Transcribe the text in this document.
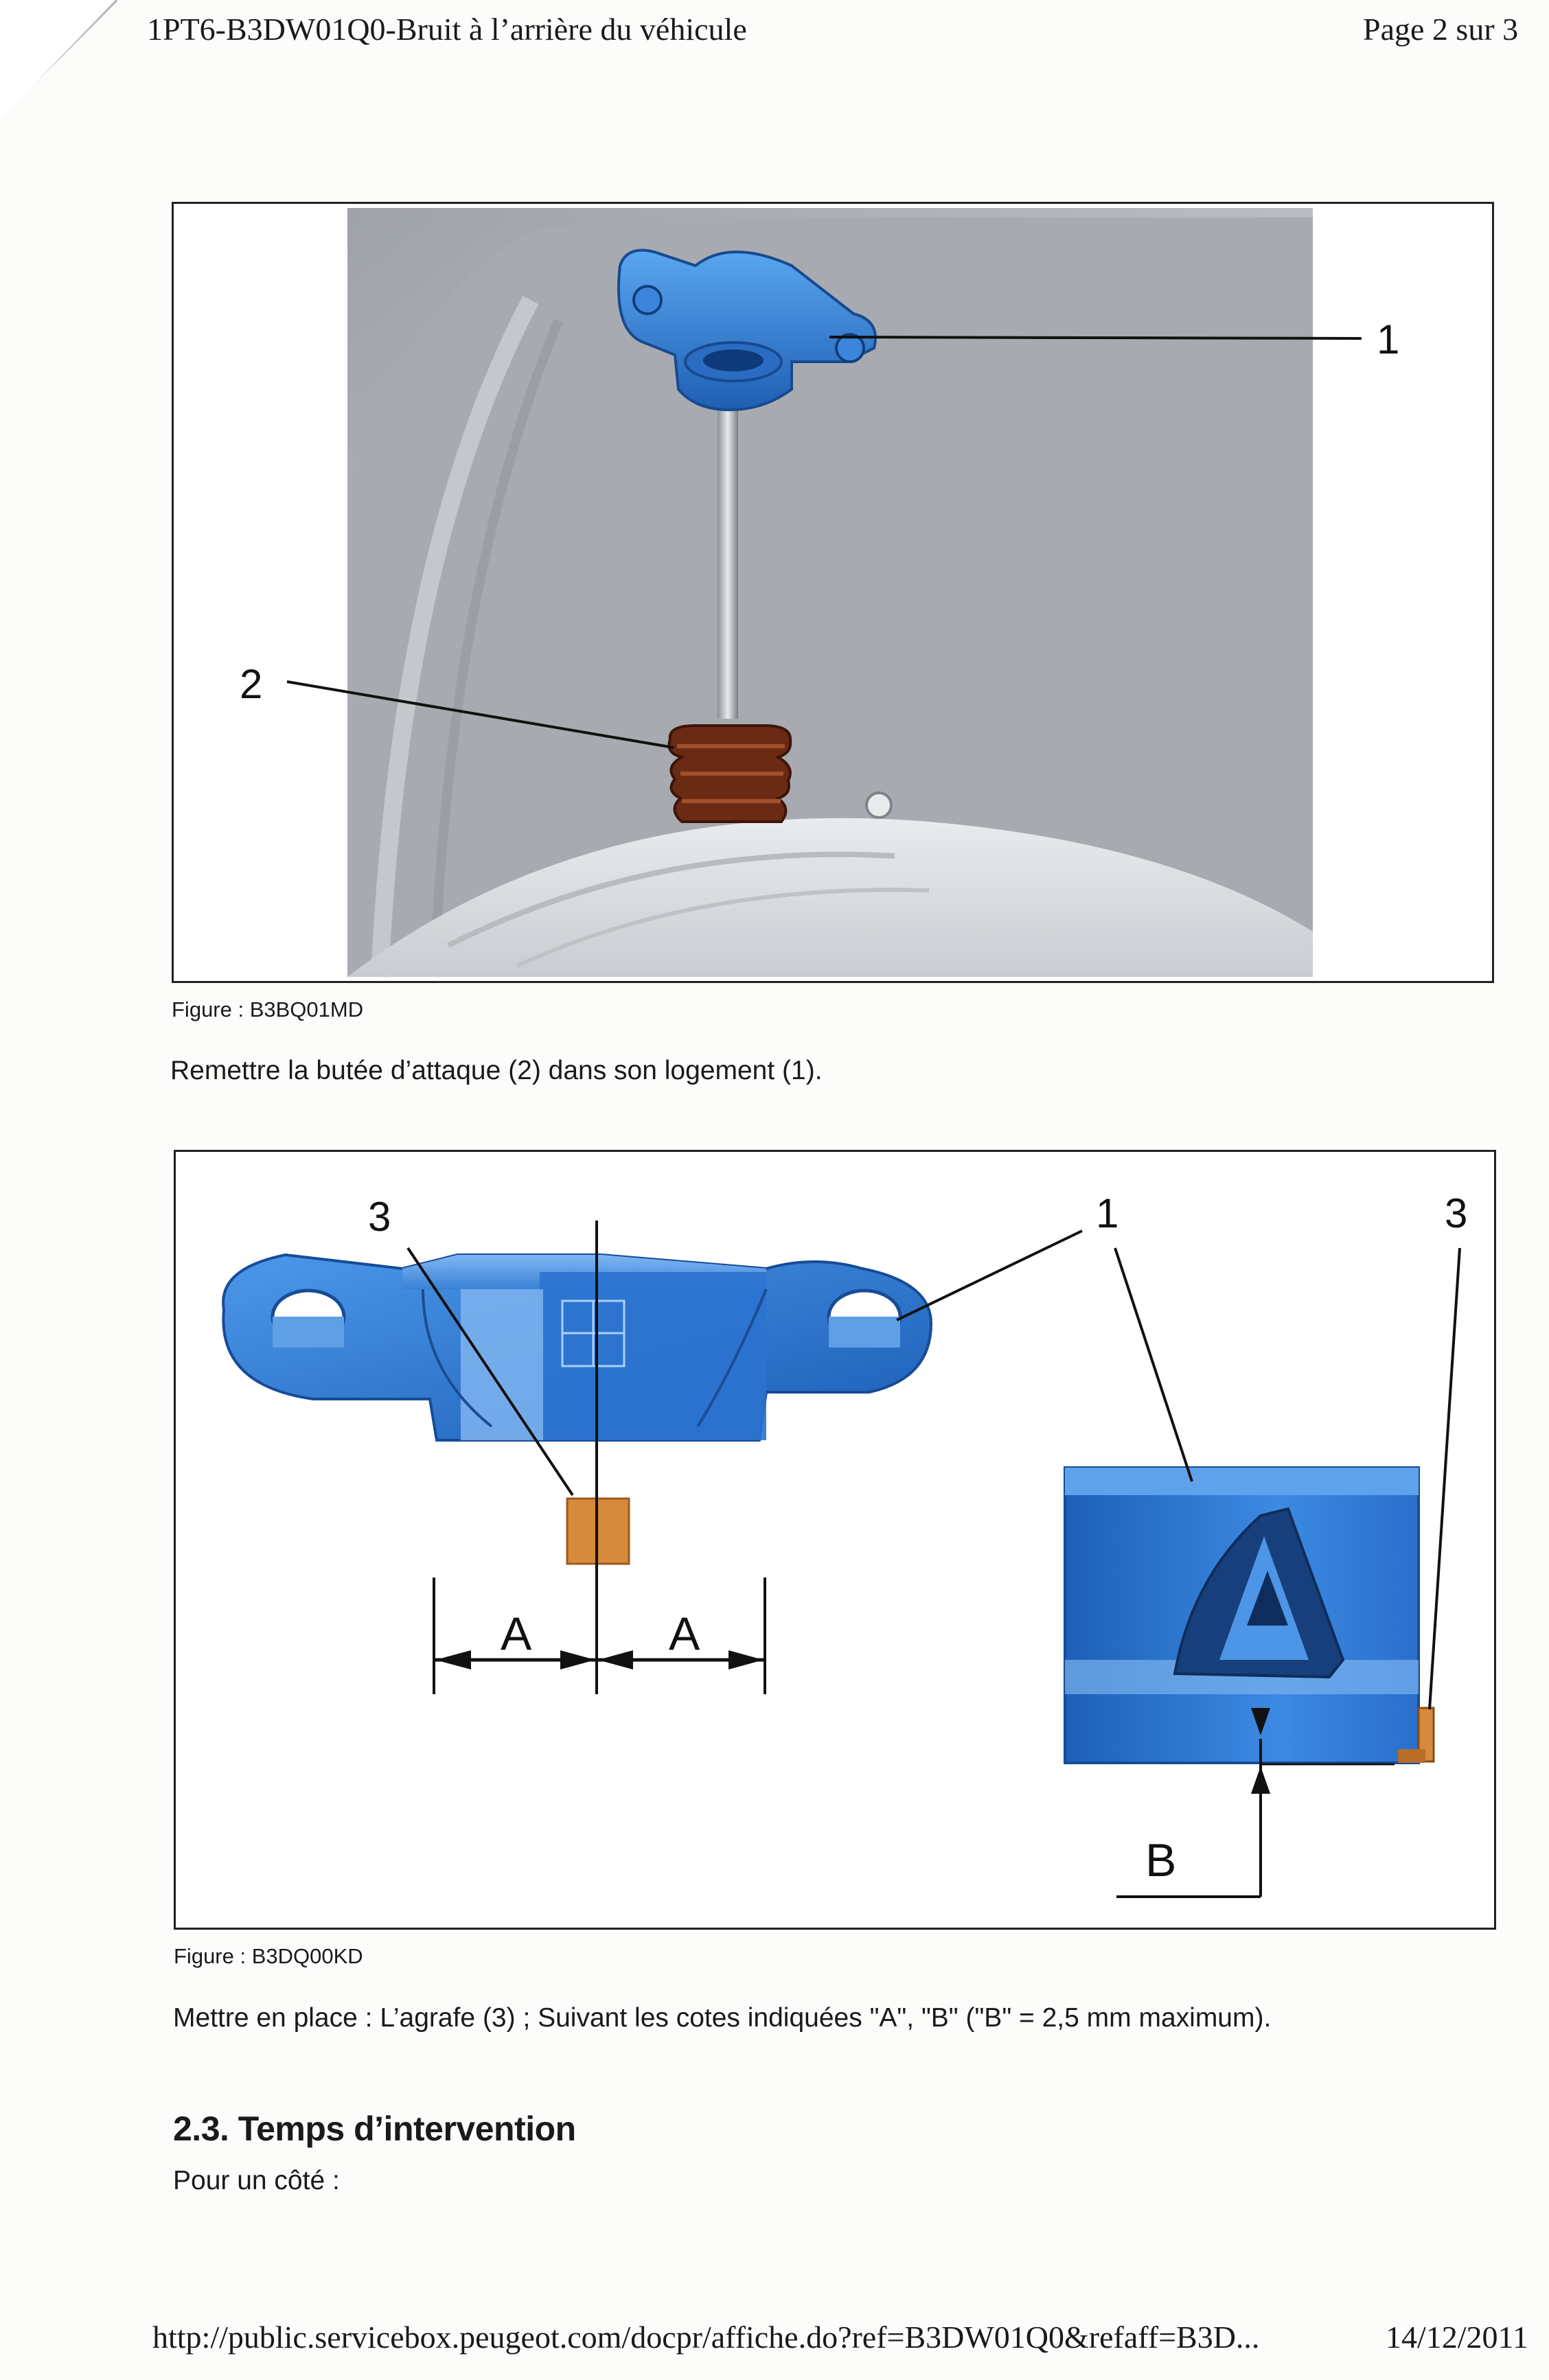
1PT6-B3DW01Q0-Bruit à l’arrière du véhicule	Page 2 sur 3
1
2
Figure : B3BQ01MD
Remettre la butée d’attaque (2) dans son logement (1).
A	A
B
3	1	3
Figure : B3DQ00KD
Mettre en place : L’agrafe (3) ; Suivant les cotes indiquées "A", "B" ("B" = 2,5 mm maximum).
2.3. Temps d’intervention
Pour un côté :
http://public.servicebox.peugeot.com/docpr/affiche.do?ref=B3DW01Q0&refaff=B3D...	14/12/2011
